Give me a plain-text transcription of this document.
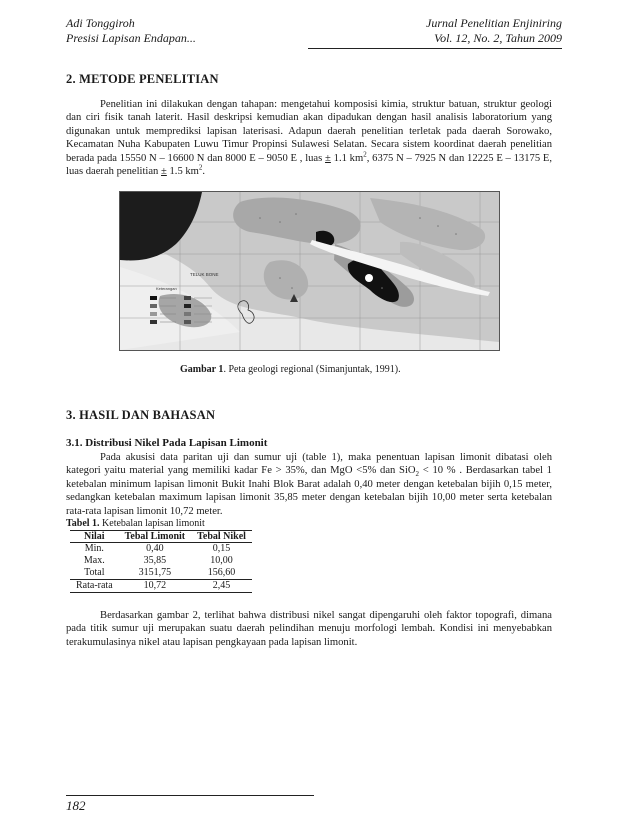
Adi Tonggiroh
Presisi Lapisan Endapan...
Jurnal Penelitian Enjiniring
Vol. 12, No. 2, Tahun 2009
2. METODE PENELITIAN
Penelitian ini dilakukan dengan tahapan: mengetahui komposisi kimia, struktur batuan, struktur geologi dan ciri fisik tanah laterit. Hasil deskripsi kemudian akan dipadukan dengan hasil analisis laboratorium yang digunakan untuk memprediksi lapisan laterisasi. Adapun daerah penelitian terletak pada daerah Sorowako, Kecamatan Nuha Kabupaten Luwu Timur Propinsi Sulawesi Selatan. Secara sistem koordinat daerah penelitian berada pada 15550 N – 16600 N dan 8000 E – 9050 E , luas ± 1.1 $km^2$, 6375 N – 7925 N dan 12225 E – 13175 E, luas daerah penelitian ± 1.5 $km^2$.
TELUK BONE
Keterangan
Gambar 1. Peta geologi regional (Simanjuntak, 1991).
3. HASIL DAN BAHASAN
3.1. Distribusi Nikel Pada Lapisan Limonit
Pada akusisi data paritan uji dan sumur uji (table 1), maka penentuan lapisan limonit dibatasi oleh kategori yaitu material yang memiliki kadar Fe > 35%, dan MgO <5% dan SiO$_2$ < 10 % . Berdasarkan tabel 1 ketebalan minimum lapisan limonit Bukit Inahi Blok Barat adalah 0,40 meter dengan ketebalan bijih 0,15 meter, sedangkan ketebalan maximum lapisan limonit 35,85 meter dengan ketebalan bijih 10,00 meter serta ketebalan rata-rata lapisan limonit 10,72 meter.
Tabel 1. Ketebalan lapisan limonit
Nilai	Tebal Limonit	Tebal Nikel
Min.	0,40	0,15
Max.	35,85	10,00
Total	3151,75	156,60
Rata-rata	10,72	2,45
Berdasarkan gambar 2, terlihat bahwa distribusi nikel sangat dipengaruhi oleh faktor topografi, dimana pada titik sumur uji merupakan suatu daerah pelindihan menuju morfologi lembah. Kondisi ini menyebabkan terakumulasinya nikel atau lapisan pengkayaan pada lapisan limonit.
182
